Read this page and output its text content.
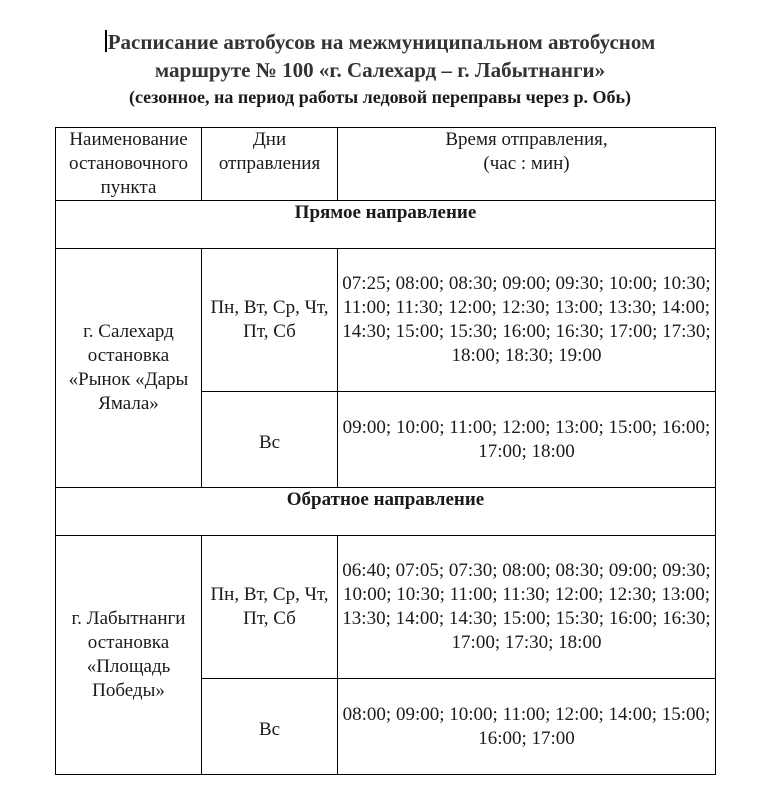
Расписание автобусов на межмуниципальном автобусном
маршруте № 100 «г. Салехард – г. Лабытнанги»
(сезонное, на период работы ледовой переправы через р. Обь)
Наименование остановочного пункта	Дни отправления	Время отправления,
(час : мин)

Прямое направление		
г. Салехард остановка «Рынок «Дары Ямала»	Пн, Вт, Ср, Чт, Пт, Сб	07:25; 08:00; 08:30; 09:00; 09:30; 10:00; 10:30; 11:00; 11:30; 12:00; 12:30; 13:00; 13:30; 14:00; 14:30; 15:00; 15:30; 16:00; 16:30; 17:00; 17:30; 18:00; 18:30; 19:00
	Вс	09:00; 10:00; 11:00; 12:00; 13:00; 15:00; 16:00; 17:00; 18:00
Обратное направление		
г. Лабытнанги остановка «Площадь Победы»	Пн, Вт, Ср, Чт, Пт, Сб	06:40; 07:05; 07:30; 08:00; 08:30; 09:00; 09:30; 10:00; 10:30; 11:00; 11:30; 12:00; 12:30; 13:00; 13:30; 14:00; 14:30; 15:00; 15:30; 16:00; 16:30; 17:00; 17:30; 18:00
	Вс	08:00; 09:00; 10:00; 11:00; 12:00; 14:00; 15:00; 16:00; 17:00
